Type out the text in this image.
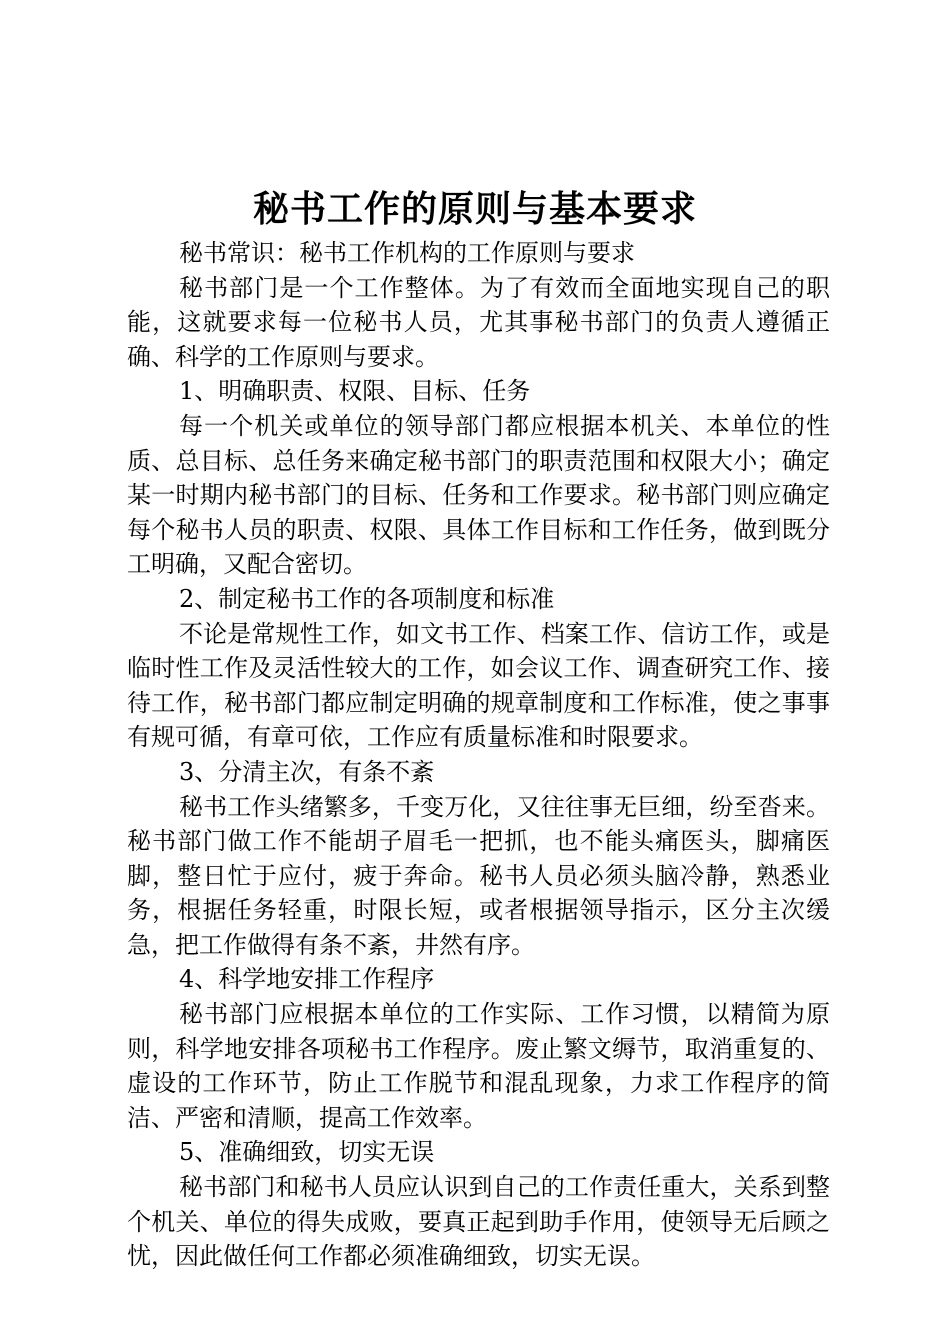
秘书工作的原则与基本要求

秘书常识：秘书工作机构的工作原则与要求

秘书部门是一个工作整体。为了有效而全面地实现自己的职能，这就要求每一位秘书人员，尤其事秘书部门的负责人遵循正确、科学的工作原则与要求。

1、明确职责、权限、目标、任务

每一个机关或单位的领导部门都应根据本机关、本单位的性质、总目标、总任务来确定秘书部门的职责范围和权限大小；确定某一时期内秘书部门的目标、任务和工作要求。秘书部门则应确定每个秘书人员的职责、权限、具体工作目标和工作任务，做到既分工明确，又配合密切。

2、制定秘书工作的各项制度和标准

不论是常规性工作，如文书工作、档案工作、信访工作，或是临时性工作及灵活性较大的工作，如会议工作、调查研究工作、接待工作，秘书部门都应制定明确的规章制度和工作标准，使之事事有规可循，有章可依，工作应有质量标准和时限要求。

3、分清主次，有条不紊

秘书工作头绪繁多，千变万化，又往往事无巨细，纷至沓来。秘书部门做工作不能胡子眉毛一把抓，也不能头痛医头，脚痛医脚，整日忙于应付，疲于奔命。秘书人员必须头脑冷静，熟悉业务，根据任务轻重，时限长短，或者根据领导指示，区分主次缓急，把工作做得有条不紊，井然有序。

4、科学地安排工作程序

秘书部门应根据本单位的工作实际、工作习惯，以精简为原则，科学地安排各项秘书工作程序。废止繁文缛节，取消重复的、虚设的工作环节，防止工作脱节和混乱现象，力求工作程序的简洁、严密和清顺，提高工作效率。

5、准确细致，切实无误

秘书部门和秘书人员应认识到自己的工作责任重大，关系到整个机关、单位的得失成败，要真正起到助手作用，使领导无后顾之忧，因此做任何工作都必须准确细致，切实无误。
